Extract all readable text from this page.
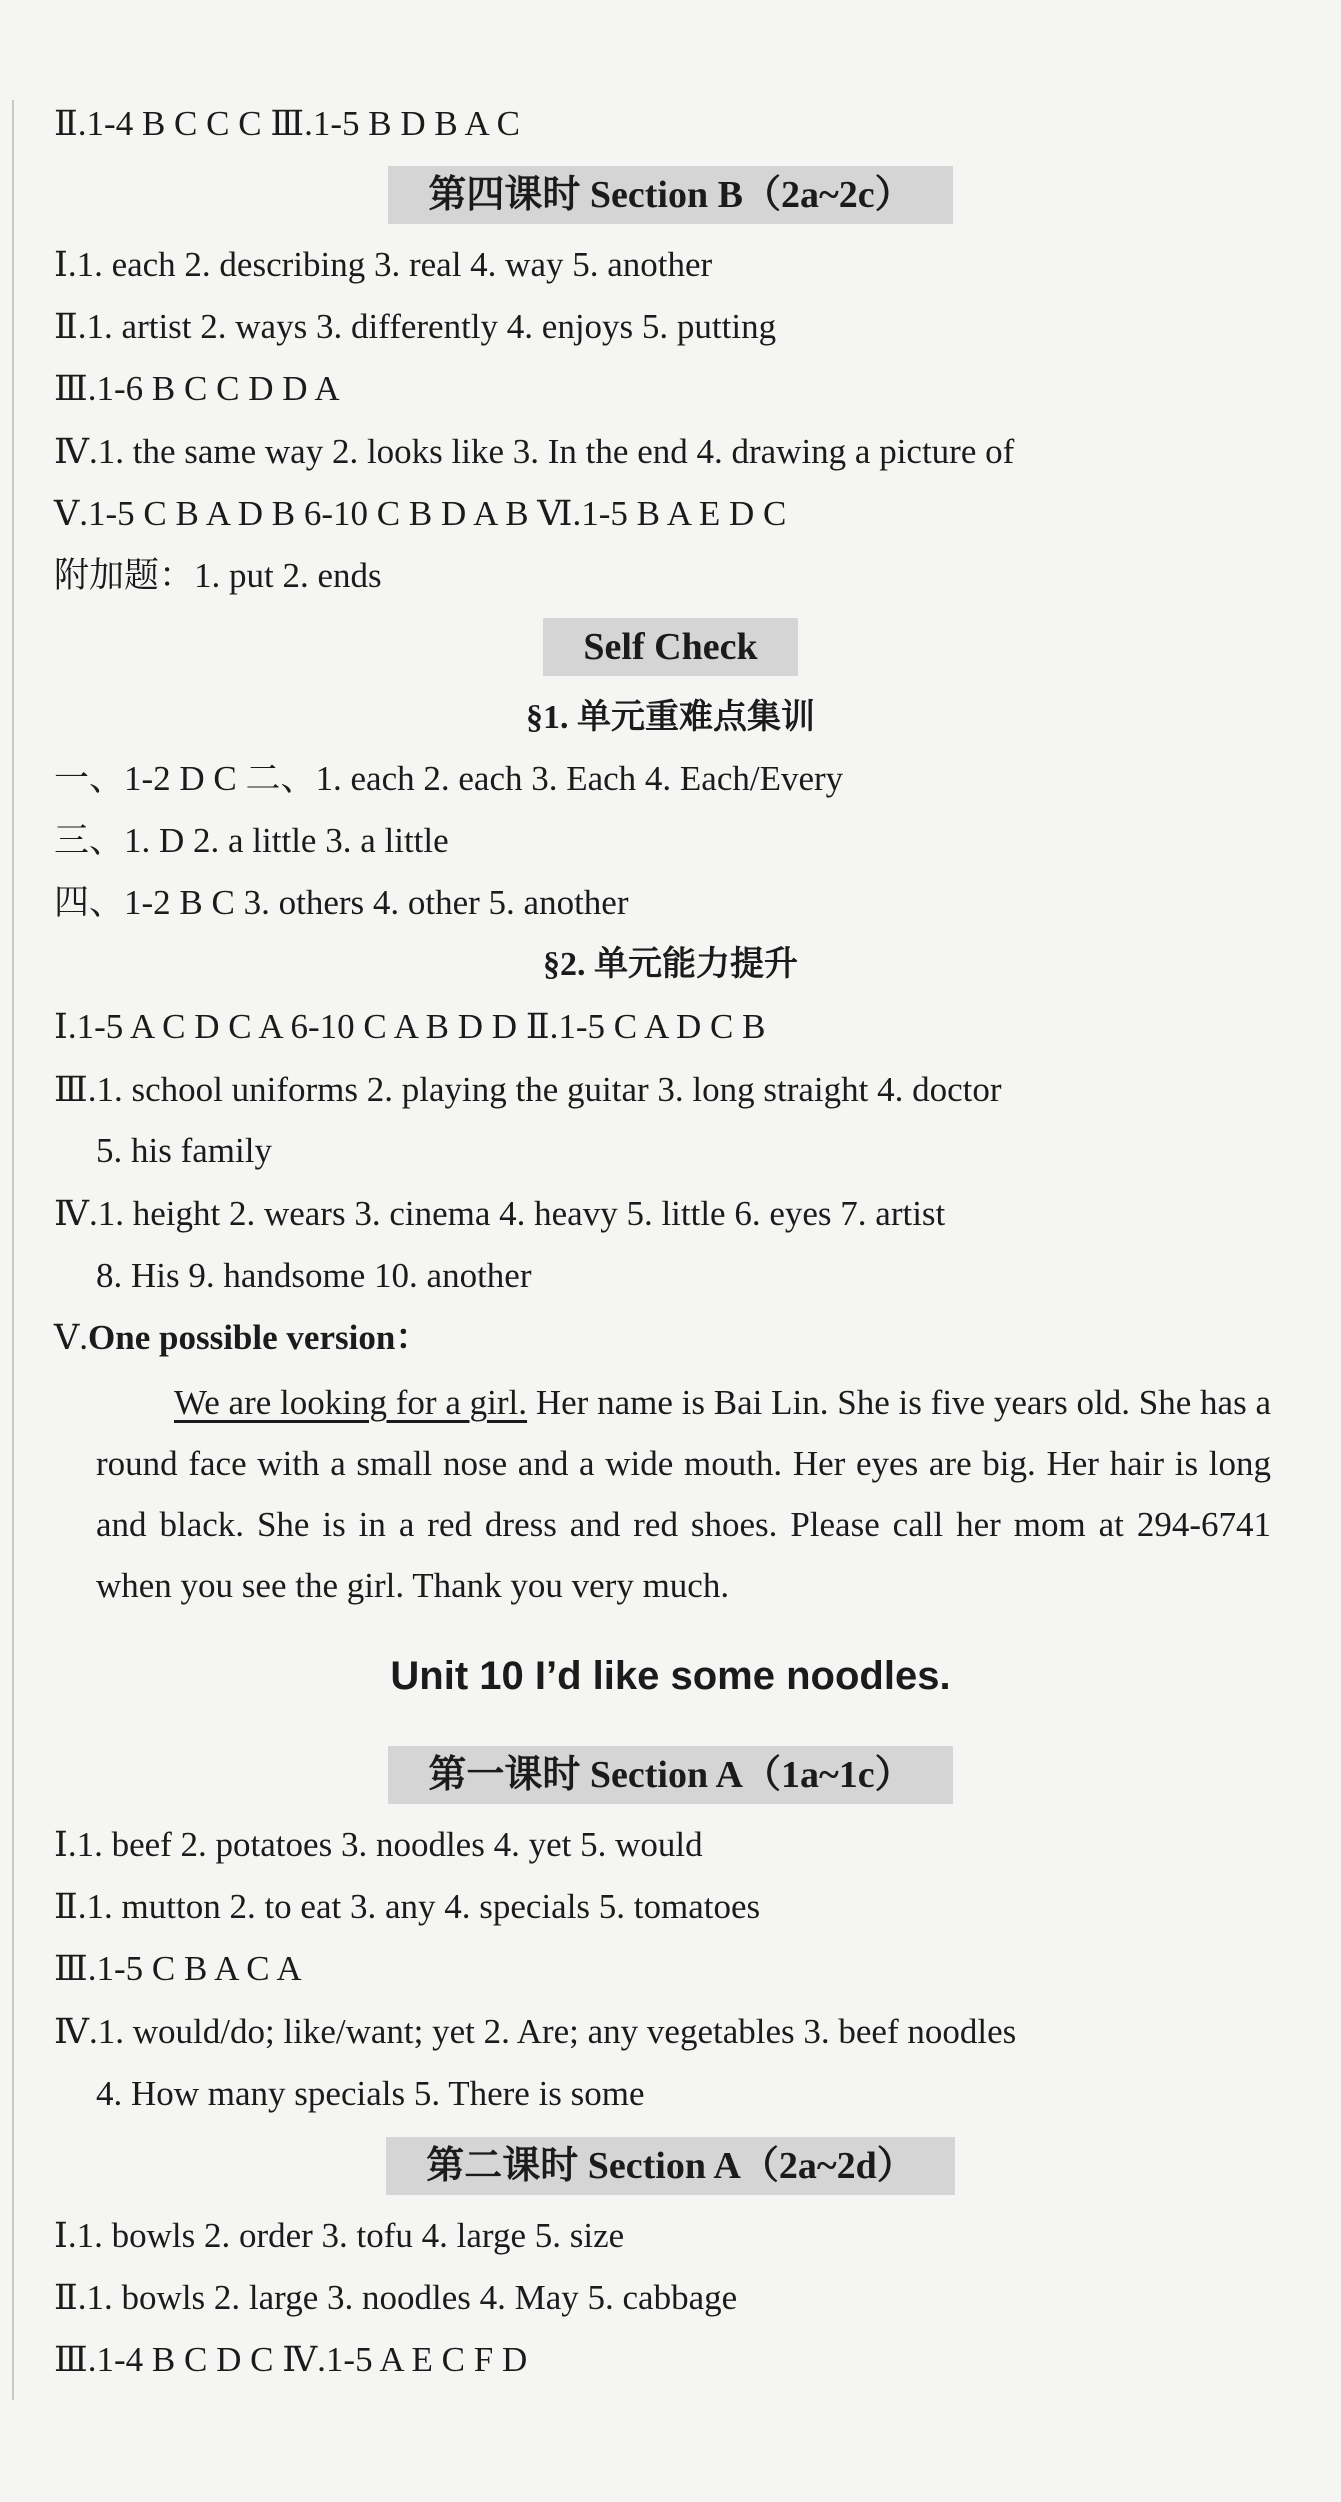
Ⅱ.1-4 B C C C Ⅲ.1-5 B D B A C

第四课时 Section B（2a~2c）

Ⅰ.1. each 2. describing 3. real 4. way 5. another

Ⅱ.1. artist 2. ways 3. differently 4. enjoys 5. putting

Ⅲ.1-6 B C C D D A

Ⅳ.1. the same way 2. looks like 3. In the end 4. drawing a picture of

Ⅴ.1-5 C B A D B 6-10 C B D A B Ⅵ.1-5 B A E D C

附加题：1. put 2. ends

Self Check
§1. 单元重难点集训

一、1-2 D C 二、1. each 2. each 3. Each 4. Each/Every

三、1. D 2. a little 3. a little

四、1-2 B C 3. others 4. other 5. another

§2. 单元能力提升

Ⅰ.1-5 A C D C A 6-10 C A B D D Ⅱ.1-5 C A D C B

Ⅲ.1. school uniforms 2. playing the guitar 3. long straight 4. doctor

5. his family

Ⅳ.1. height 2. wears 3. cinema 4. heavy 5. little 6. eyes 7. artist

8. His 9. handsome 10. another

Ⅴ.One possible version：

We are looking for a girl. Her name is Bai Lin. She is five years old. She has a round face with a small nose and a wide mouth. Her eyes are big. Her hair is long and black. She is in a red dress and red shoes. Please call her mom at 294-6741 when you see the girl. Thank you very much.

Unit 10 I’d like some noodles.
第一课时 Section A（1a~1c）

Ⅰ.1. beef 2. potatoes 3. noodles 4. yet 5. would

Ⅱ.1. mutton 2. to eat 3. any 4. specials 5. tomatoes

Ⅲ.1-5 C B A C A

Ⅳ.1. would/do; like/want; yet 2. Are; any vegetables 3. beef noodles

4. How many specials 5. There is some

第二课时 Section A（2a~2d）

Ⅰ.1. bowls 2. order 3. tofu 4. large 5. size

Ⅱ.1. bowls 2. large 3. noodles 4. May 5. cabbage

Ⅲ.1-4 B C D C Ⅳ.1-5 A E C F D
